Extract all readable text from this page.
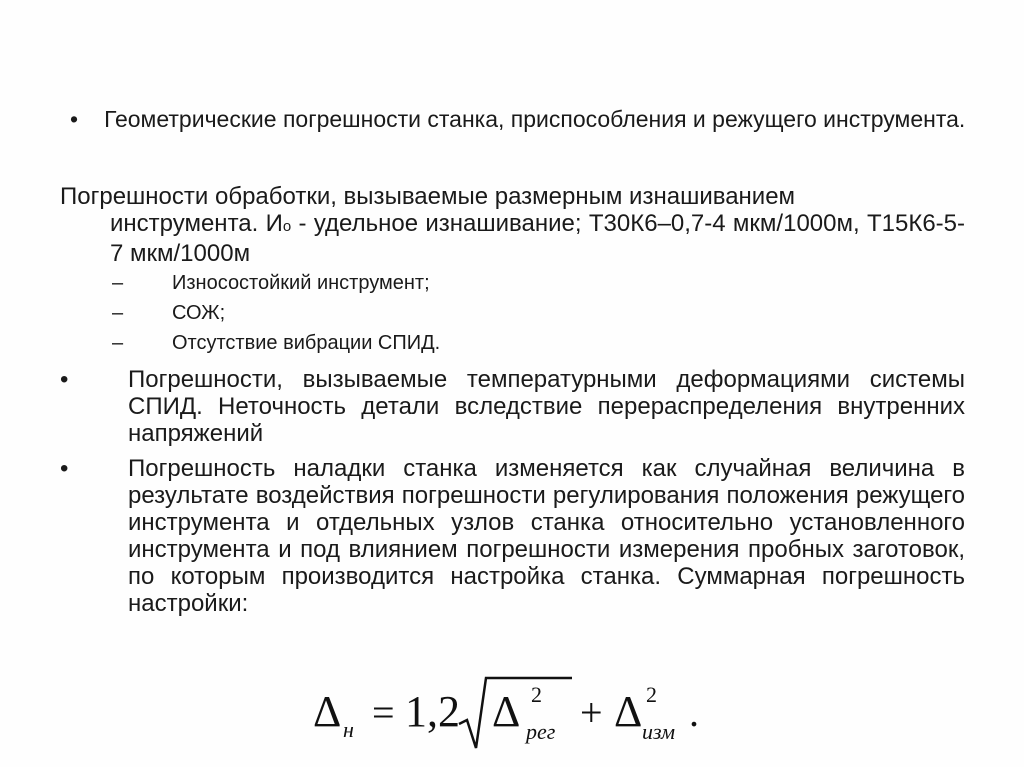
• Геометрические погрешности станка, приспособления и режущего инструмента.
Погрешности обработки, вызываемые размерным изнашиванием
инструмента. Ио - удельное изнашивание; Т30К6–0,7-4 мкм/1000м, Т15К6-5-7 мкм/1000м
– Износостойкий инструмент;
– СОЖ;
– Отсутствие вибрации СПИД.
• Погрешности, вызываемые температурными деформациями системы СПИД. Неточность детали вследствие перераспределения внутренних напряжений
• Погрешность наладки станка изменяется как случайная величина в результате воздействия погрешности регулирования положения режущего инструмента и отдельных узлов станка относительно установленного инструмента и под влиянием погрешности измерения пробных заготовок, по которым производится настройка станка. Суммарная погрешность настройки:
Δ н = 1,2 Δ 2
рег + Δ 2
изм .
